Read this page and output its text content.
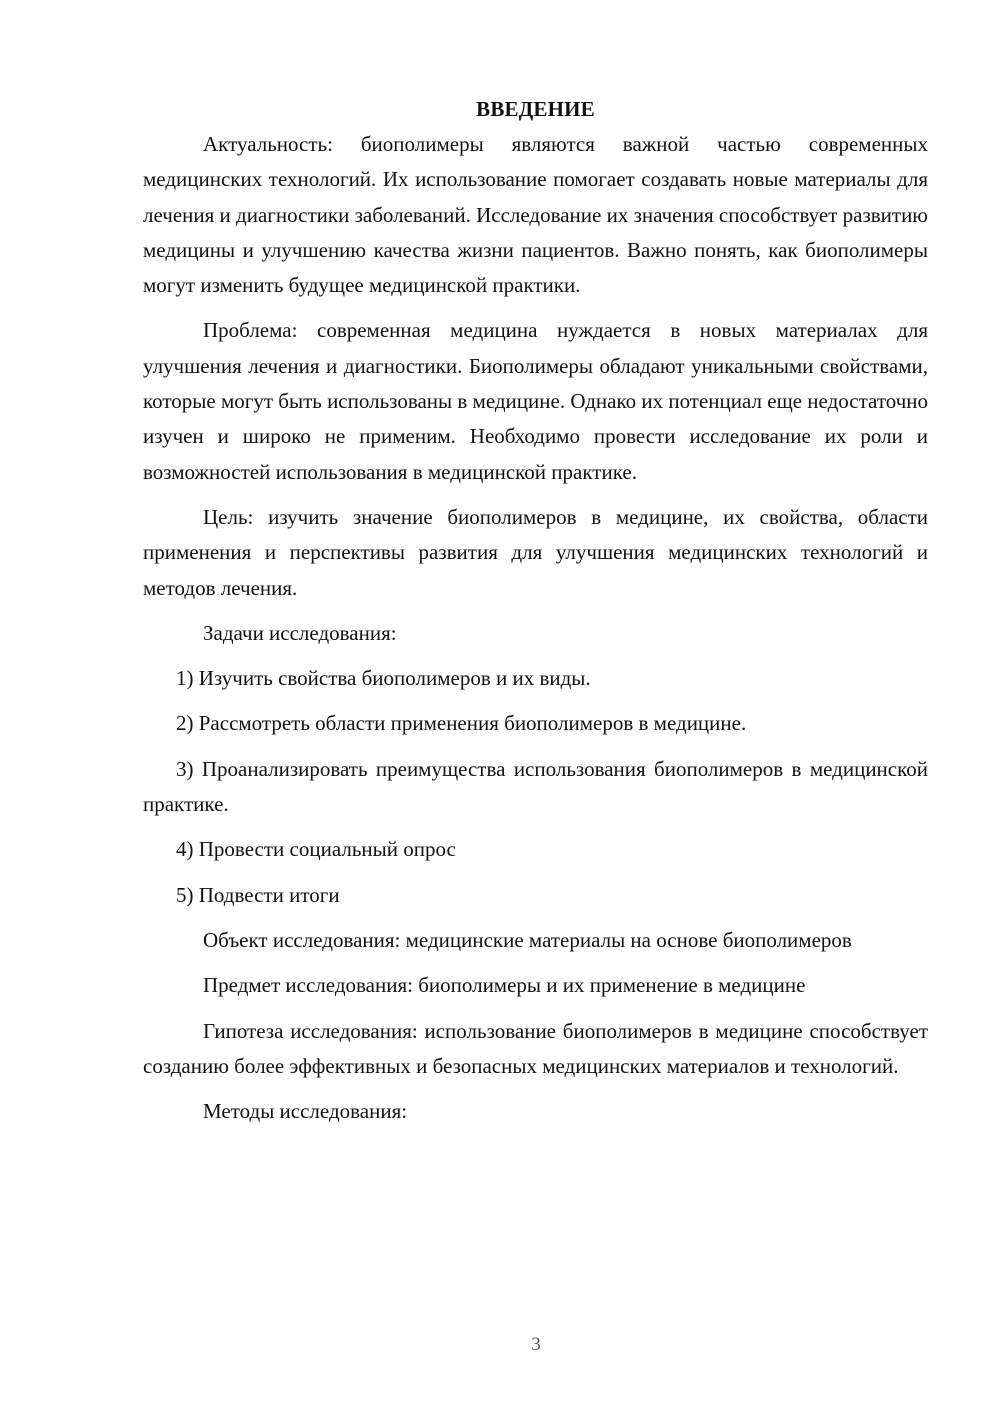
ВВЕДЕНИЕ

Актуальность: биополимеры являются важной частью современных медицинских технологий. Их использование помогает создавать новые материалы для лечения и диагностики заболеваний. Исследование их значения способствует развитию медицины и улучшению качества жизни пациентов. Важно понять, как биополимеры могут изменить будущее медицинской практики.

Проблема: современная медицина нуждается в новых материалах для улучшения лечения и диагностики. Биополимеры обладают уникальными свойствами, которые могут быть использованы в медицине. Однако их потенциал еще недостаточно изучен и широко не применим. Необходимо провести исследование их роли и возможностей использования в медицинской практике.

Цель: изучить значение биополимеров в медицине, их свойства, области применения и перспективы развития для улучшения медицинских технологий и методов лечения.

Задачи исследования:

1) Изучить свойства биополимеров и их виды.

2) Рассмотреть области применения биополимеров в медицине.

3) Проанализировать преимущества использования биополимеров в медицинской практике.

4) Провести социальный опрос

5) Подвести итоги

Объект исследования: медицинские материалы на основе биополимеров

Предмет исследования: биополимеры и их применение в медицине

Гипотеза исследования: использование биополимеров в медицине способствует созданию более эффективных и безопасных медицинских материалов и технологий.

Методы исследования:

3
